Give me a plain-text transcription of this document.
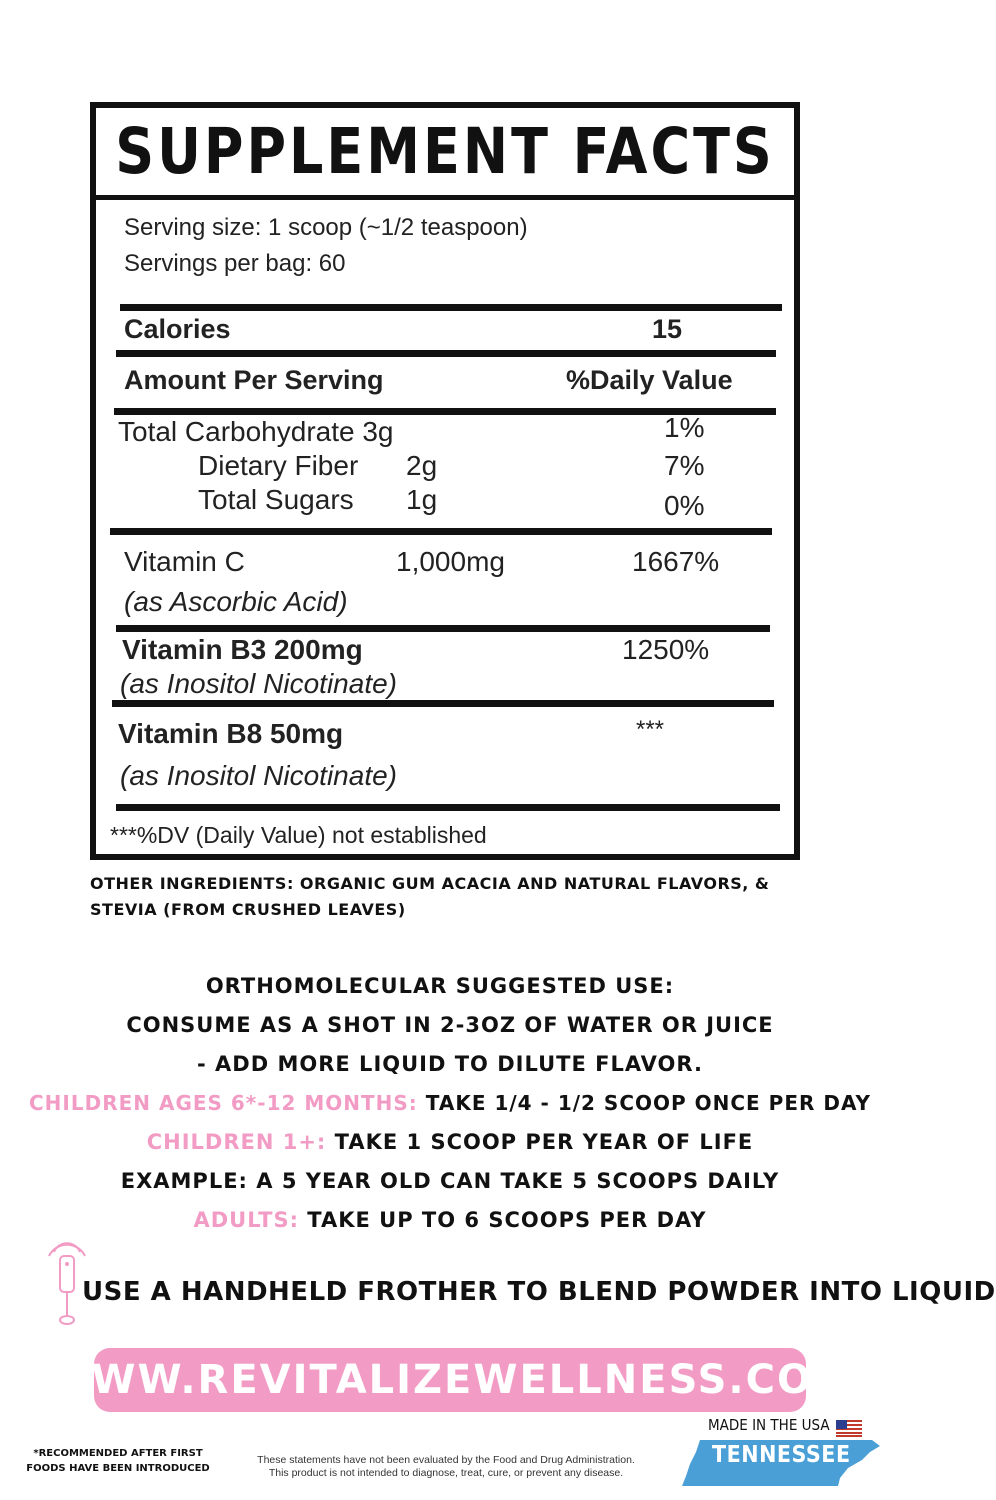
SUPPLEMENT FACTS
Serving size: 1 scoop (~1/2 teaspoon)
Servings per bag: 60
Calories	15
Amount Per Serving	%Daily Value
Total Carbohydrate 3g	1%
Dietary Fiber 2g	7%
Total Sugars 1g	0%
Vitamin C	1,000mg	1667%
(as Ascorbic Acid)
Vitamin B3 200mg	1250%
(as Inositol Nicotinate)
Vitamin B8 50mg	***
(as Inositol Nicotinate)
***%DV (Daily Value) not established
OTHER INGREDIENTS: ORGANIC GUM ACACIA AND NATURAL FLAVORS, &
STEVIA (FROM CRUSHED LEAVES)
ORTHOMOLECULAR SUGGESTED USE:
CONSUME AS A SHOT IN 2-3OZ OF WATER OR JUICE
- ADD MORE LIQUID TO DILUTE FLAVOR.
CHILDREN AGES 6*-12 MONTHS: TAKE 1/4 - 1/2 SCOOP ONCE PER DAY
CHILDREN 1+: TAKE 1 SCOOP PER YEAR OF LIFE
EXAMPLE: A 5 YEAR OLD CAN TAKE 5 SCOOPS DAILY
ADULTS: TAKE UP TO 6 SCOOPS PER DAY
USE A HANDHELD FROTHER TO BLEND POWDER INTO LIQUID
WWW.REVITALIZEWELLNESS.COM
*RECOMMENDED AFTER FIRST
FOODS HAVE BEEN INTRODUCED
These statements have not been evaluated by the Food and Drug Administration.
This product is not intended to diagnose, treat, cure, or prevent any disease.
MADE IN THE USA
TENNESSEE
